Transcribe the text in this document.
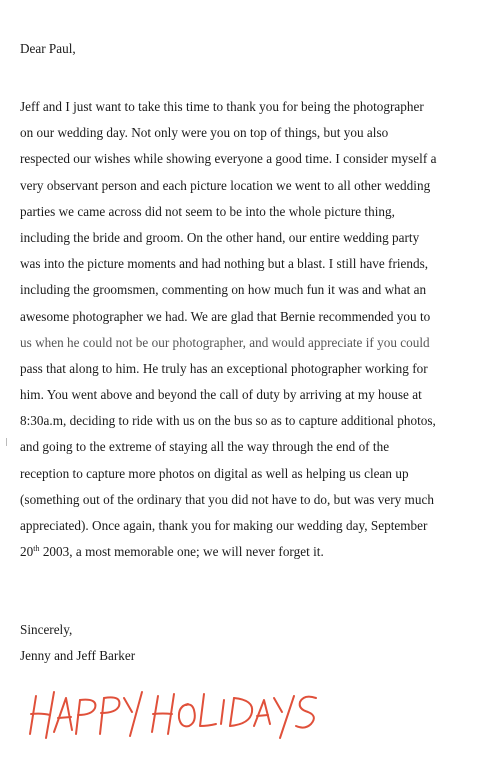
Dear Paul,
Jeff and I just want to take this time to thank you for being the photographer
on our wedding day. Not only were you on top of things, but you also
respected our wishes while showing everyone a good time. I consider myself a
very observant person and each picture location we went to all other wedding
parties we came across did not seem to be into the whole picture thing,
including the bride and groom. On the other hand, our entire wedding party
was into the picture moments and had nothing but a blast. I still have friends,
including the groomsmen, commenting on how much fun it was and what an
awesome photographer we had. We are glad that Bernie recommended you to
us when he could not be our photographer, and would appreciate if you could
pass that along to him. He truly has an exceptional photographer working for
him. You went above and beyond the call of duty by arriving at my house at
8:30a.m, deciding to ride with us on the bus so as to capture additional photos,
and going to the extreme of staying all the way through the end of the
reception to capture more photos on digital as well as helping us clean up
(something out of the ordinary that you did not have to do, but was very much
appreciated). Once again, thank you for making our wedding day, September
20th 2003, a most memorable one; we will never forget it.
Sincerely,
Jenny and Jeff Barker
